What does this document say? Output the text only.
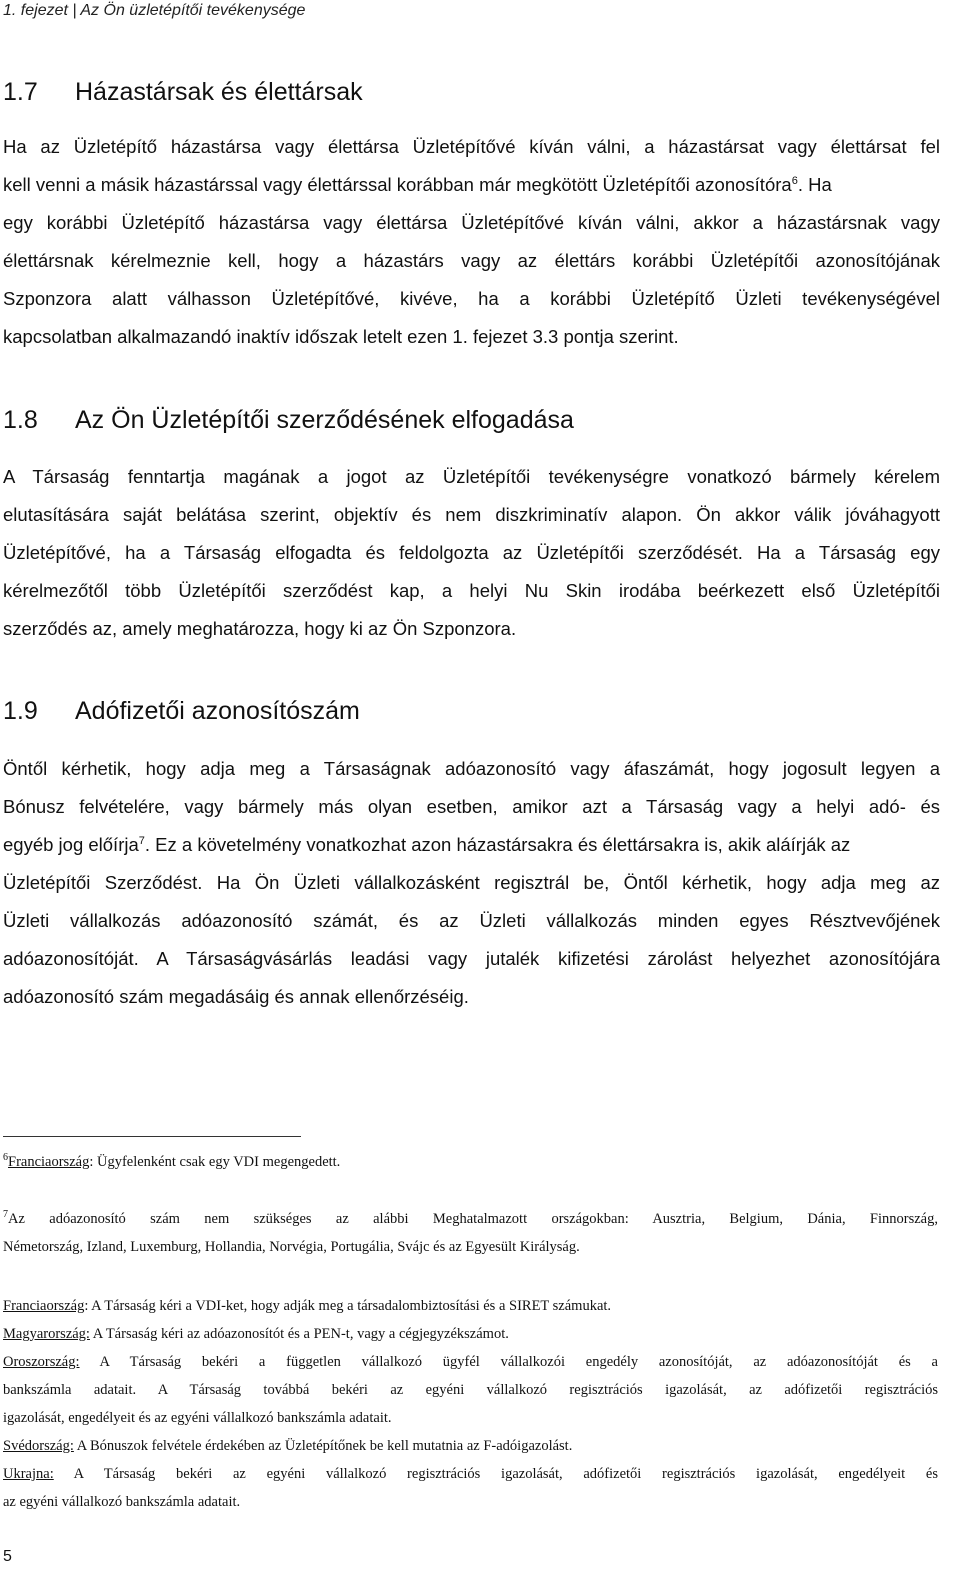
1. fejezet | Az Ön üzletépítői tevékenysége
1.7 Házastársak és élettársak
Ha az Üzletépítő házastársa vagy élettársa Üzletépítővé kíván válni, a házastársat vagy élettársat fel
kell venni a másik házastárssal vagy élettárssal korábban már megkötött Üzletépítői azonosítóra$^6$. Ha
egy korábbi Üzletépítő házastársa vagy élettársa Üzletépítővé kíván válni, akkor a házastársnak vagy
élettársnak kérelmeznie kell, hogy a házastárs vagy az élettárs korábbi Üzletépítői azonosítójának
Szponzora alatt válhasson Üzletépítővé, kivéve, ha a korábbi Üzletépítő Üzleti tevékenységével
kapcsolatban alkalmazandó inaktív időszak letelt ezen 1. fejezet 3.3 pontja szerint.
1.8 Az Ön Üzletépítői szerződésének elfogadása
A Társaság fenntartja magának a jogot az Üzletépítői tevékenységre vonatkozó bármely kérelem
elutasítására saját belátása szerint, objektív és nem diszkriminatív alapon. Ön akkor válik jóváhagyott
Üzletépítővé, ha a Társaság elfogadta és feldolgozta az Üzletépítői szerződését. Ha a Társaság egy
kérelmezőtől több Üzletépítői szerződést kap, a helyi Nu Skin irodába beérkezett első Üzletépítői
szerződés az, amely meghatározza, hogy ki az Ön Szponzora.
1.9 Adófizetői azonosítószám
Öntől kérhetik, hogy adja meg a Társaságnak adóazonosító vagy áfaszámát, hogy jogosult legyen a
Bónusz felvételére, vagy bármely más olyan esetben, amikor azt a Társaság vagy a helyi adó- és
egyéb jog előírja$^7$. Ez a követelmény vonatkozhat azon házastársakra és élettársakra is, akik aláírják az
Üzletépítői Szerződést. Ha Ön Üzleti vállalkozásként regisztrál be, Öntől kérhetik, hogy adja meg az
Üzleti vállalkozás adóazonosító számát, és az Üzleti vállalkozás minden egyes Résztvevőjének
adóazonosítóját. A Társaságvásárlás leadási vagy jutalék kifizetési zárolást helyezhet azonosítójára
adóazonosító szám megadásáig és annak ellenőrzéséig.
$^6$Franciaország: Ügyfelenként csak egy VDI megengedett.
$^7$Az adóazonosító szám nem szükséges az alábbi Meghatalmazott országokban: Ausztria, Belgium, Dánia, Finnország,
Németország, Izland, Luxemburg, Hollandia, Norvégia, Portugália, Svájc és az Egyesült Királyság.
Franciaország: A Társaság kéri a VDI-ket, hogy adják meg a társadalombiztosítási és a SIRET számukat.
Magyarország: A Társaság kéri az adóazonosítót és a PEN-t, vagy a cégjegyzékszámot.
Oroszország: A Társaság bekéri a független vállalkozó ügyfél vállalkozói engedély azonosítóját, az adóazonosítóját és a
bankszámla adatait. A Társaság továbbá bekéri az egyéni vállalkozó regisztrációs igazolását, az adófizetői regisztrációs
igazolását, engedélyeit és az egyéni vállalkozó bankszámla adatait.
Svédország: A Bónuszok felvétele érdekében az Üzletépítőnek be kell mutatnia az F-adóigazolást.
Ukrajna: A Társaság bekéri az egyéni vállalkozó regisztrációs igazolását, adófizetői regisztrációs igazolását, engedélyeit és
az egyéni vállalkozó bankszámla adatait.
5
